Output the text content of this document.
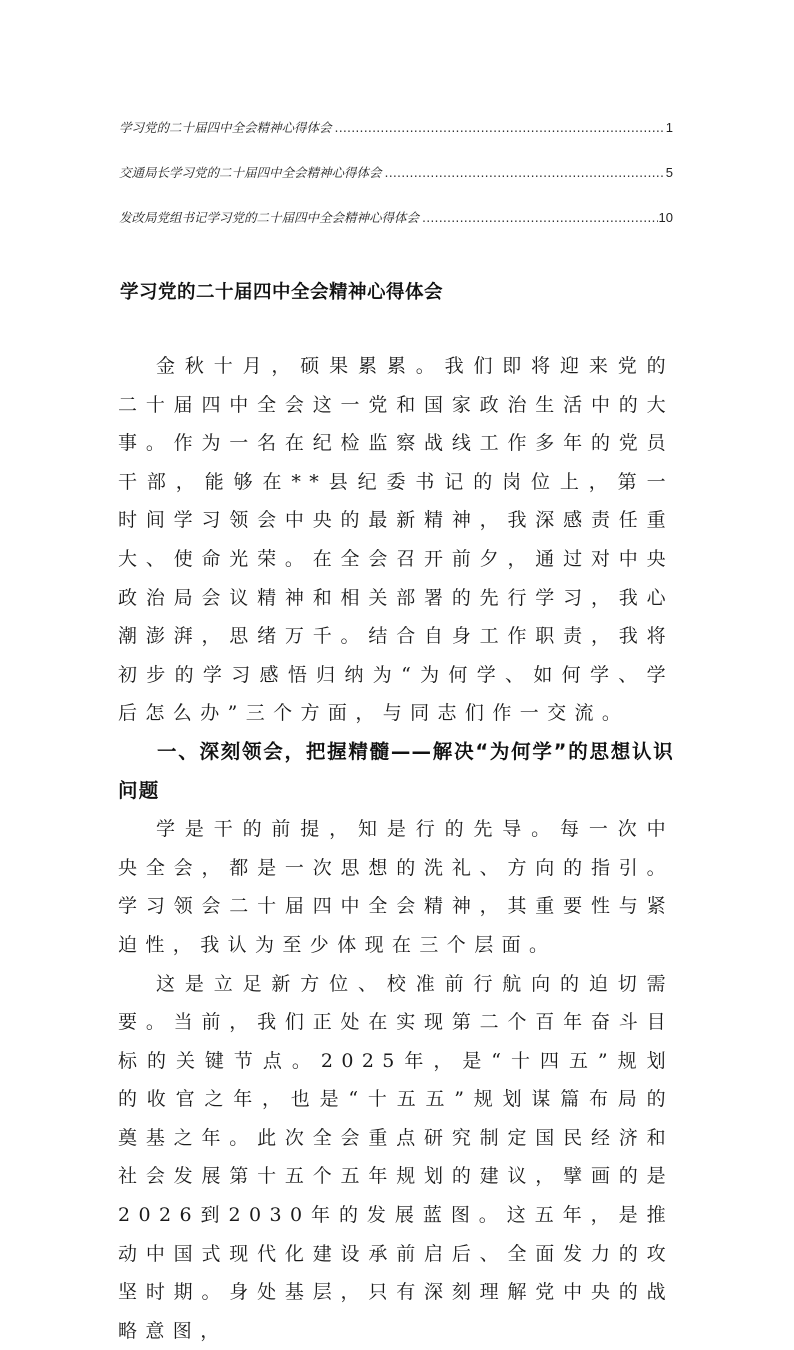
学习党的二十届四中全会精神心得体会 .....	1
交通局长学习党的二十届四中全会精神心得体会 .....	5
发改局党组书记学习党的二十届四中全会精神心得体会 .....	10
学习党的二十届四中全会精神心得体会

金秋十月，硕果累累。我们即将迎来党的二十届四中全会这一党和国家政治生活中的大事。作为一名在纪检监察战线工作多年的党员干部，能够在**县纪委书记的岗位上，第一时间学习领会中央的最新精神，我深感责任重大、使命光荣。在全会召开前夕，通过对中央政治局会议精神和相关部署的先行学习，我心潮澎湃，思绪万千。结合自身工作职责，我将初步的学习感悟归纳为“为何学、如何学、学后怎么办”三个方面，与同志们作一交流。

一、深刻领会，把握精髓——解决“为何学”的思想认识问题

学是干的前提，知是行的先导。每一次中央全会，都是一次思想的洗礼、方向的指引。学习领会二十届四中全会精神，其重要性与紧迫性，我认为至少体现在三个层面。

这是立足新方位、校准前行航向的迫切需要。当前，我们正处在实现第二个百年奋斗目标的关键节点。2025年，是“十四五”规划的收官之年，也是“十五五”规划谋篇布局的奠基之年。此次全会重点研究制定国民经济和社会发展第十五个五年规划的建议，擘画的是2026到2030年的发展蓝图。这五年，是推动中国式现代化建设承前启后、全面发力的攻坚时期。身处基层，只有深刻理解党中央的战略意图，
